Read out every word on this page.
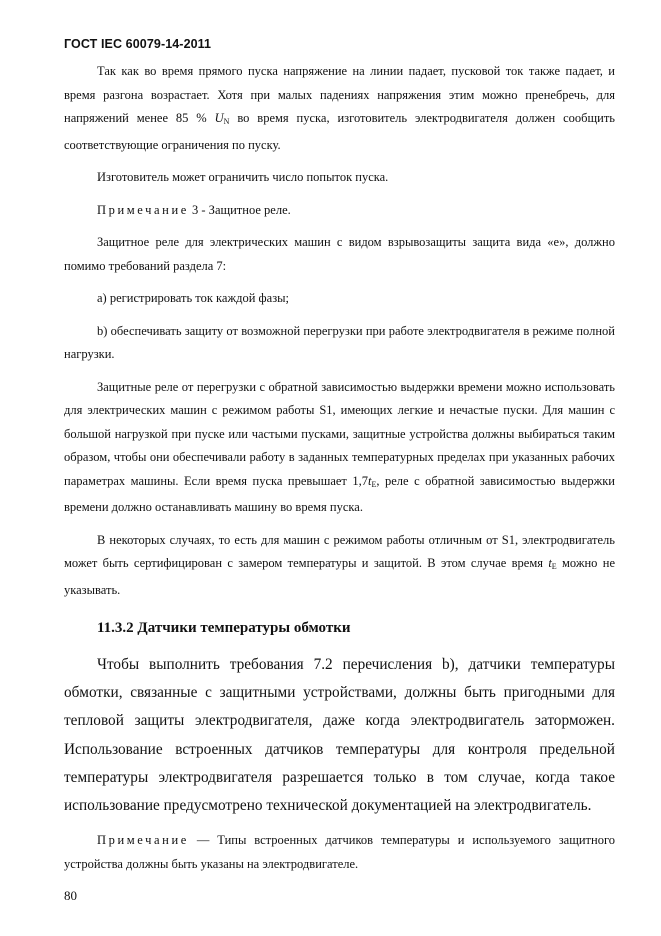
ГОСТ IEC 60079-14-2011

Так как во время прямого пуска напряжение на линии падает, пусковой ток также падает, и время разгона возрастает. Хотя при малых падениях напряжения этим можно пренебречь, для напряжений менее 85 % $U_N$ во время пуска, изготовитель электродвигателя должен сообщить соответствующие ограничения по пуску.

Изготовитель может ограничить число попыток пуска.

Примечание 3 - Защитное реле.

Защитное реле для электрических машин с видом взрывозащиты защита вида «е», должно помимо требований раздела 7:

a) регистрировать ток каждой фазы;

b) обеспечивать защиту от возможной перегрузки при работе электродвигателя в режиме полной нагрузки.

Защитные реле от перегрузки с обратной зависимостью выдержки времени можно использовать для электрических машин с режимом работы S1, имеющих легкие и нечастые пуски. Для машин с большой нагрузкой при пуске или частыми пусками, защитные устройства должны выбираться таким образом, чтобы они обеспечивали работу в заданных температурных пределах при указанных рабочих параметрах машины. Если время пуска превышает $1,7t_E$, реле с обратной зависимостью выдержки времени должно останавливать машину во время пуска.

В некоторых случаях, то есть для машин с режимом работы отличным от S1, электродвигатель может быть сертифицирован с замером температуры и защитой. В этом случае время $t_E$ можно не указывать.

11.3.2 Датчики температуры обмотки

Чтобы выполнить требования 7.2 перечисления b), датчики температуры обмотки, связанные с защитными устройствами, должны быть пригодными для тепловой защиты электродвигателя, даже когда электродвигатель заторможен. Использование встроенных датчиков температуры для контроля предельной температуры электродвигателя разрешается только в том случае, когда такое использование предусмотрено технической документацией на электродвигатель.

Примечание — Типы встроенных датчиков температуры и используемого защитного устройства должны быть указаны на электродвигателе.

80
